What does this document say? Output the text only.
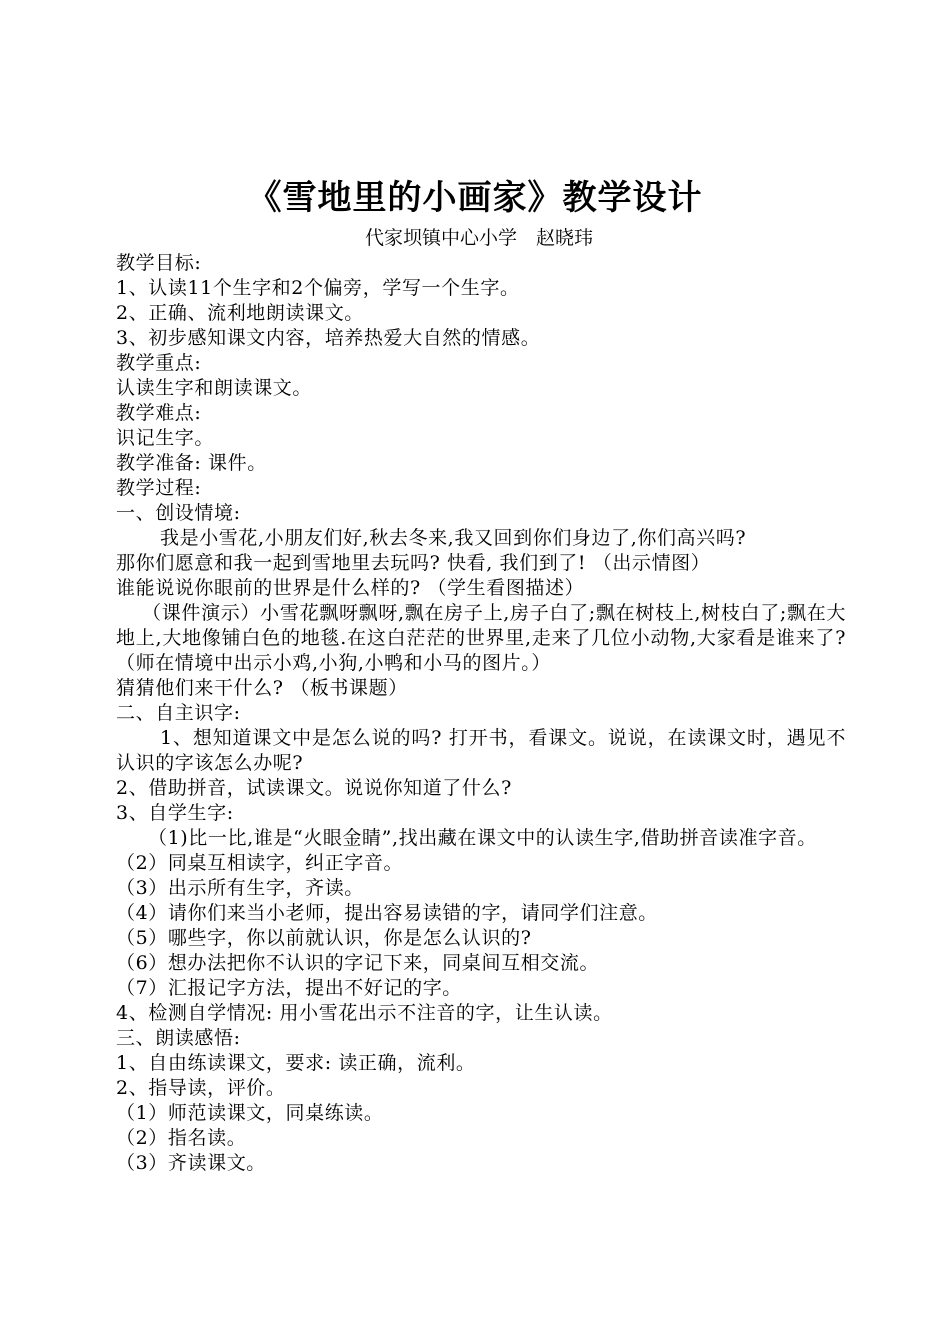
《雪地里的小画家》教学设计
代家坝镇中心小学　赵晓玮

教学目标:

1、认读11个生字和2个偏旁，学写一个生字。

2、正确、流利地朗读课文。

3、初步感知课文内容，培养热爱大自然的情感。

教学重点:

认读生字和朗读课文。

教学难点:

识记生字。

教学准备: 课件。

教学过程:

一、创设情境:

我是小雪花,小朋友们好,秋去冬来,我又回到你们身边了,你们高兴吗?

那你们愿意和我一起到雪地里去玩吗? 快看, 我们到了! （出示情图）

谁能说说你眼前的世界是什么样的? （学生看图描述）

（课件演示）小雪花飘呀飘呀,飘在房子上,房子白了;飘在树枝上,树枝白了;飘在大地上,大地像铺白色的地毯.在这白茫茫的世界里,走来了几位小动物,大家看是谁来了?（师在情境中出示小鸡,小狗,小鸭和小马的图片。）

猜猜他们来干什么? （板书课题）

二、自主识字:

1、想知道课文中是怎么说的吗? 打开书，看课文。说说，在读课文时，遇见不认识的字该怎么办呢?

2、借助拼音，试读课文。说说你知道了什么?

3、自学生字:

（1)比一比,谁是“火眼金睛”,找出藏在课文中的认读生字,借助拼音读准字音。

（2）同桌互相读字，纠正字音。

（3）出示所有生字，齐读。

（4）请你们来当小老师，提出容易读错的字，请同学们注意。

（5）哪些字，你以前就认识，你是怎么认识的?

（6）想办法把你不认识的字记下来，同桌间互相交流。

（7）汇报记字方法，提出不好记的字。

4、检测自学情况: 用小雪花出示不注音的字，让生认读。

三、朗读感悟:

1、自由练读课文，要求: 读正确，流利。

2、指导读，评价。

（1）师范读课文，同桌练读。

（2）指名读。

（3）齐读课文。
